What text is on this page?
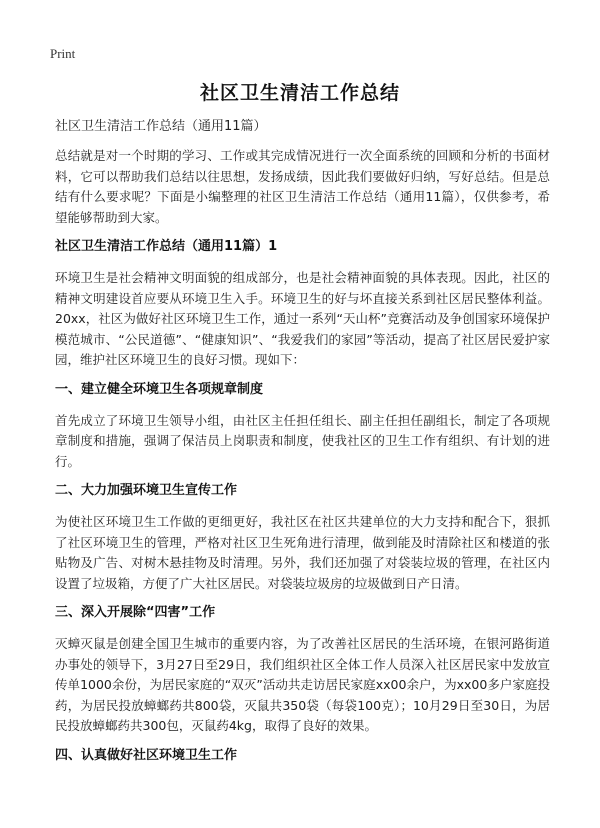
Print
社区卫生清洁工作总结
社区卫生清洁工作总结（通用11篇）

总结就是对一个时期的学习、工作或其完成情况进行一次全面系统的回顾和分析的书面材料，它可以帮助我们总结以往思想，发扬成绩，因此我们要做好归纳，写好总结。但是总结有什么要求呢？下面是小编整理的社区卫生清洁工作总结（通用11篇），仅供参考，希望能够帮助到大家。

社区卫生清洁工作总结（通用11篇）1

环境卫生是社会精神文明面貌的组成部分，也是社会精神面貌的具体表现。因此，社区的精神文明建设首应要从环境卫生入手。环境卫生的好与坏直接关系到社区居民整体利益。20xx，社区为做好社区环境卫生工作，通过一系列“天山杯”竞赛活动及争创国家环境保护模范城市、“公民道德”、“健康知识”、“我爱我们的家园”等活动，提高了社区居民爱护家园，维护社区环境卫生的良好习惯。现如下：

一、建立健全环境卫生各项规章制度

首先成立了环境卫生领导小组，由社区主任担任组长、副主任担任副组长，制定了各项规章制度和措施，强调了保洁员上岗职责和制度，使我社区的卫生工作有组织、有计划的进行。

二、大力加强环境卫生宣传工作

为使社区环境卫生工作做的更细更好，我社区在社区共建单位的大力支持和配合下，狠抓了社区环境卫生的管理，严格对社区卫生死角进行清理，做到能及时清除社区和楼道的张贴物及广告、对树木悬挂物及时清理。另外，我们还加强了对袋装垃圾的管理，在社区内设置了垃圾箱，方便了广大社区居民。对袋装垃圾房的垃圾做到日产日清。

三、深入开展除“四害”工作

灭蟑灭鼠是创建全国卫生城市的重要内容，为了改善社区居民的生活环境，在银河路街道办事处的领导下，3月27日至29日，我们组织社区全体工作人员深入社区居民家中发放宣传单1000余份，为居民家庭的“双灭”活动共走访居民家庭xx00余户，为xx00多户家庭投药，为居民投放蟑螂药共800袋，灭鼠共350袋（每袋100克）；10月29日至30日，为居民投放蟑螂药共300包，灭鼠药4kg，取得了良好的效果。

四、认真做好社区环境卫生工作
